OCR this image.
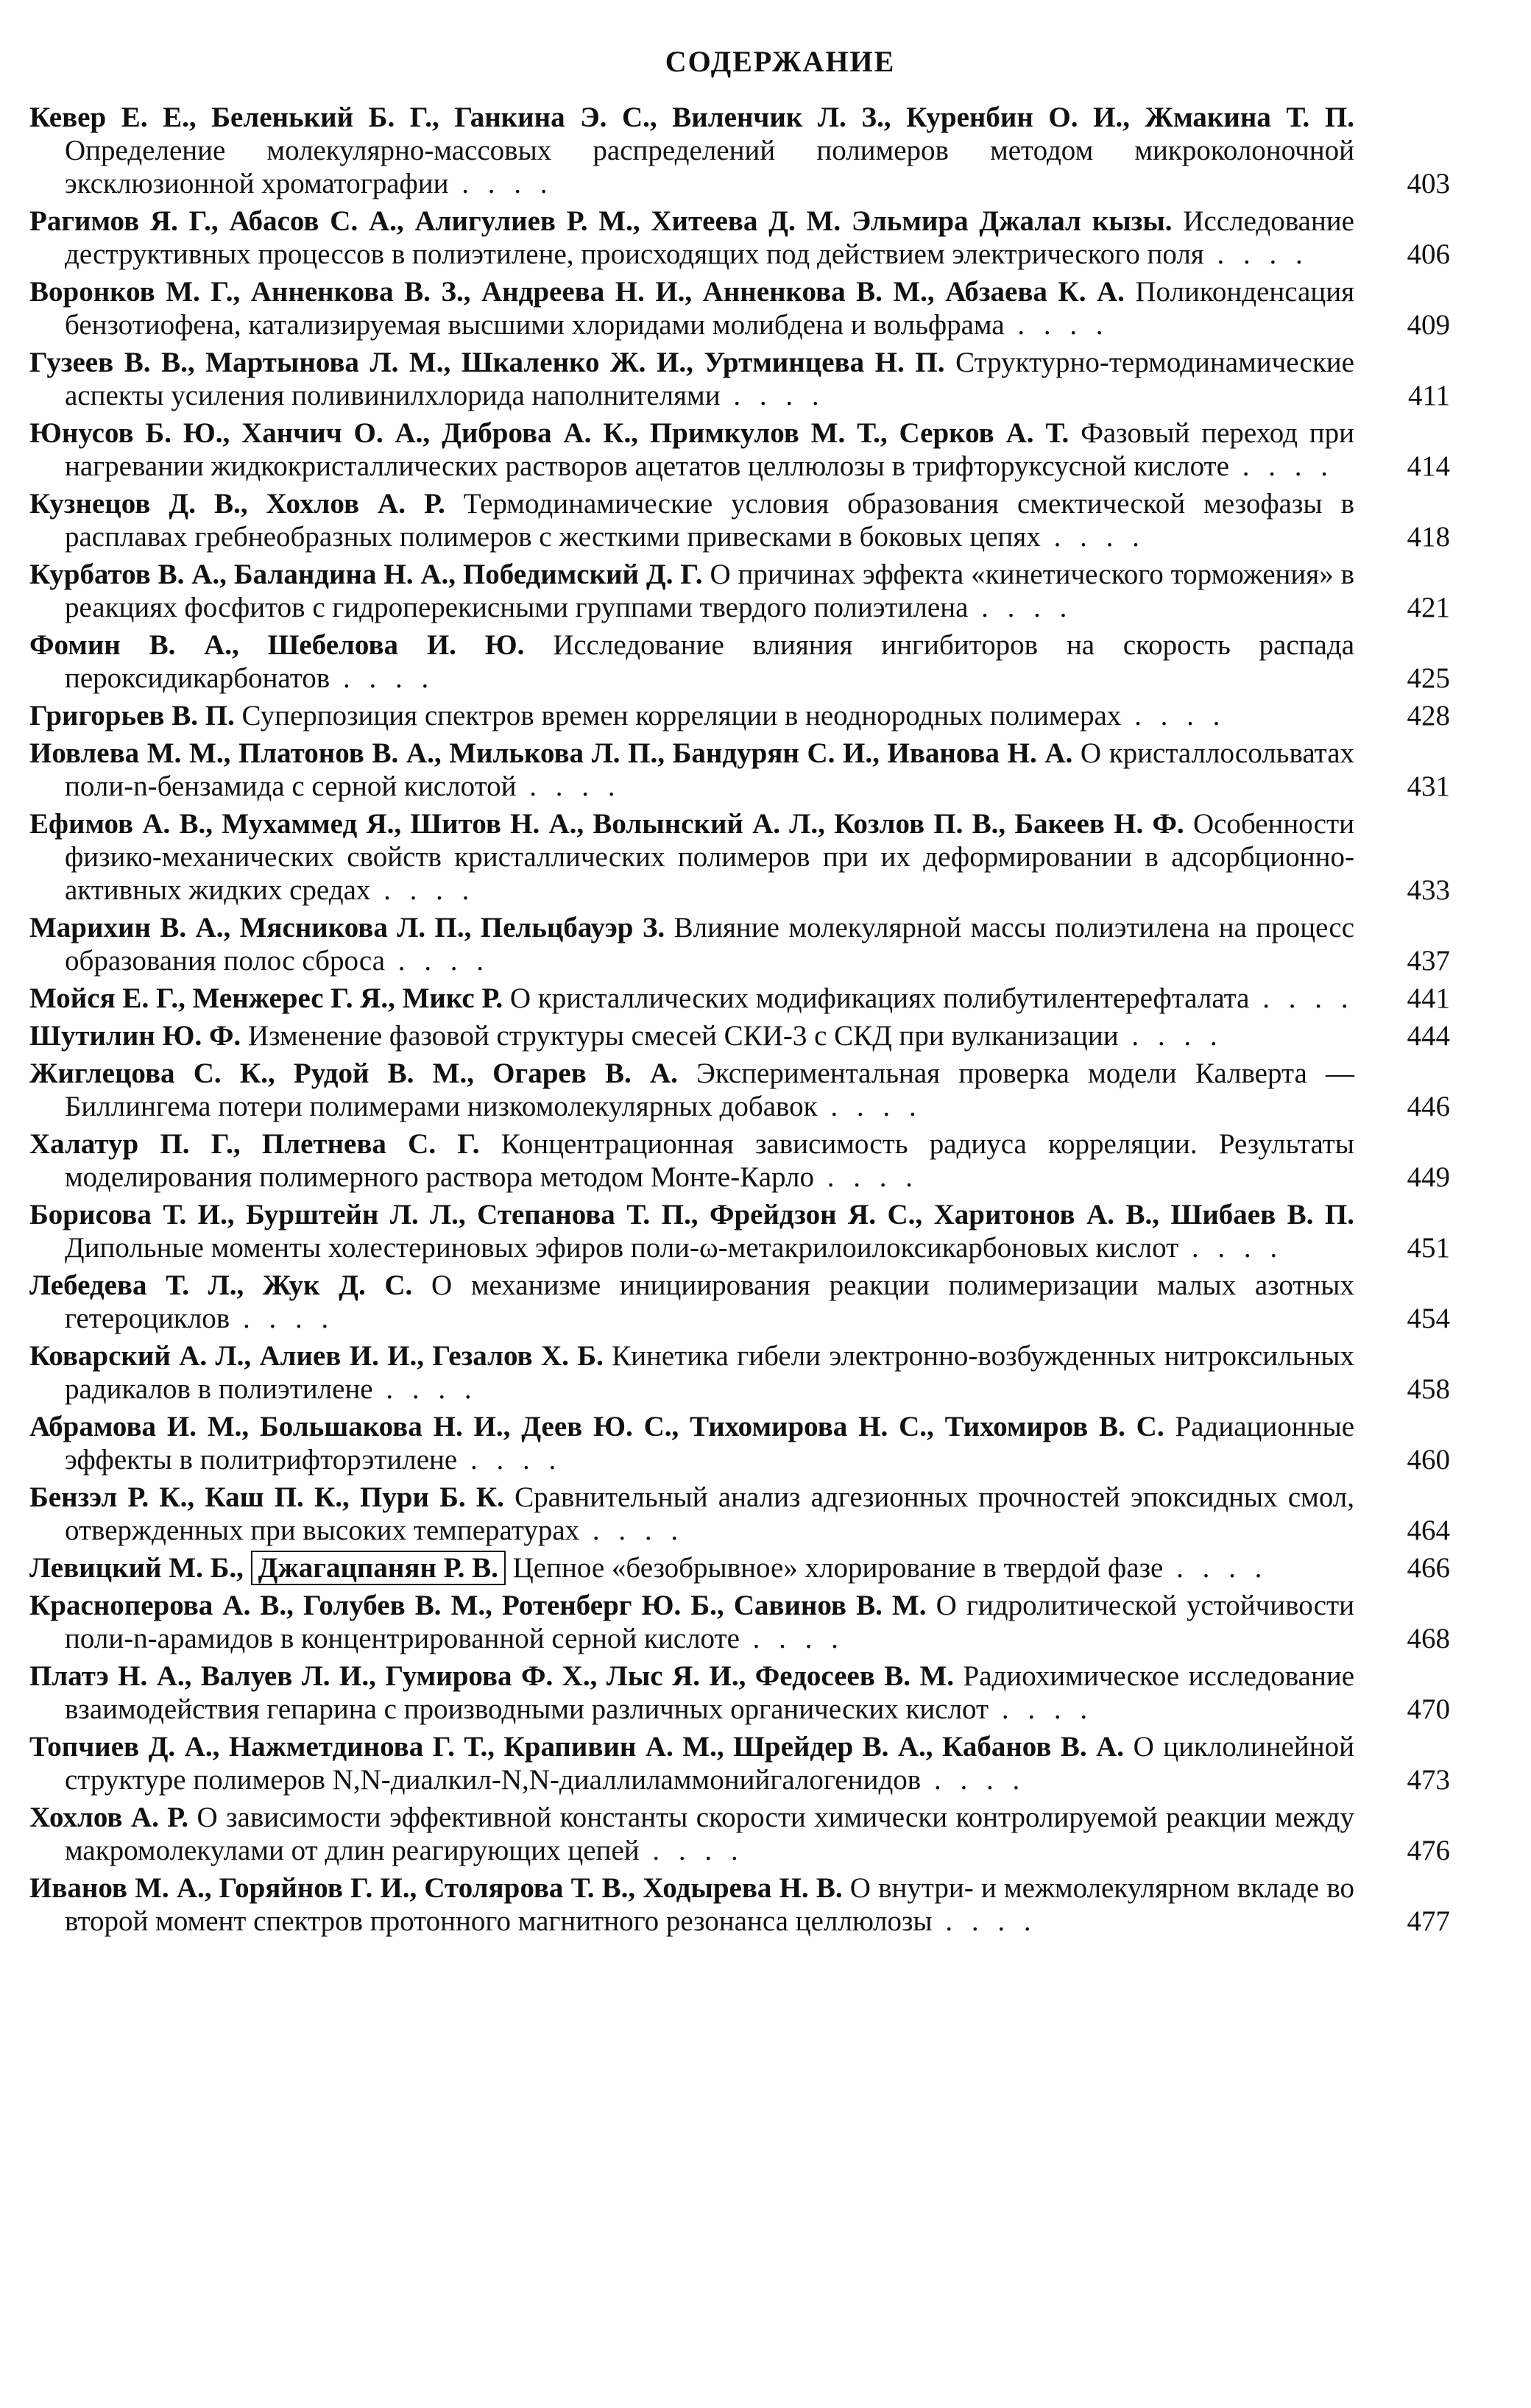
СОДЕРЖАНИЕ
Кевер Е. Е., Беленький Б. Г., Ганкина Э. С., Виленчик Л. З., Куренбин О. И., Жмакина Т. П. Определение молекулярно-массовых распределений полимеров методом микроколоночной эксклюзионной хроматографии . . . .	403
Рагимов Я. Г., Абасов С. А., Алигулиев Р. М., Хитеева Д. М. Эльмира Джалал кызы. Исследование деструктивных процессов в полиэтилене, происходящих под действием электрического поля . . . .	406
Воронков М. Г., Анненкова В. З., Андреева Н. И., Анненкова В. М., Абзаева К. А. Поликонденсация бензотиофена, катализируемая высшими хлоридами молибдена и вольфрама . . . .	409
Гузеев В. В., Мартынова Л. М., Шкаленко Ж. И., Уртминцева Н. П. Структурно-термодинамические аспекты усиления поливинилхлорида наполнителями . . . .	411
Юнусов Б. Ю., Ханчич О. А., Диброва А. К., Примкулов М. Т., Серков А. Т. Фазовый переход при нагревании жидкокристаллических растворов ацетатов целлюлозы в трифторуксусной кислоте . . . .	414
Кузнецов Д. В., Хохлов А. Р. Термодинамические условия образования смектической мезофазы в расплавах гребнеобразных полимеров с жесткими привесками в боковых цепях . . . .	418
Курбатов В. А., Баландина Н. А., Победимский Д. Г. О причинах эффекта «кинетического торможения» в реакциях фосфитов с гидроперекисными группами твердого полиэтилена . . . .	421
Фомин В. А., Шебелова И. Ю. Исследование влияния ингибиторов на скорость распада пероксидикарбонатов . . . .	425
Григорьев В. П. Суперпозиция спектров времен корреляции в неоднородных полимерах . . . .	428
Иовлева М. М., Платонов В. А., Милькова Л. П., Бандурян С. И., Иванова Н. А. О кристаллосольватах поли-n-бензамида с серной кислотой . . . .	431
Ефимов А. В., Мухаммед Я., Шитов Н. А., Волынский А. Л., Козлов П. В., Бакеев Н. Ф. Особенности физико-механических свойств кристаллических полимеров при их деформировании в адсорбционно-активных жидких средах . . . .	433
Марихин В. А., Мясникова Л. П., Пельцбауэр З. Влияние молекулярной массы полиэтилена на процесс образования полос сброса . . . .	437
Мойся Е. Г., Менжерес Г. Я., Микс Р. О кристаллических модификациях полибутилентерефталата . . . .	441
Шутилин Ю. Ф. Изменение фазовой структуры смесей СКИ-3 с СКД при вулканизации . . . .	444
Жиглецова С. К., Рудой В. М., Огарев В. А. Экспериментальная проверка модели Калверта — Биллингема потери полимерами низкомолекулярных добавок . . . .	446
Халатур П. Г., Плетнева С. Г. Концентрационная зависимость радиуса корреляции. Результаты моделирования полимерного раствора методом Монте-Карло . . . .	449
Борисова Т. И., Бурштейн Л. Л., Степанова Т. П., Фрейдзон Я. С., Харитонов А. В., Шибаев В. П. Дипольные моменты холестериновых эфиров поли-ω-метакрилоилоксикарбоновых кислот . . . .	451
Лебедева Т. Л., Жук Д. С. О механизме инициирования реакции полимеризации малых азотных гетероциклов . . . .	454
Коварский А. Л., Алиев И. И., Гезалов Х. Б. Кинетика гибели электронно-возбужденных нитроксильных радикалов в полиэтилене . . . .	458
Абрамова И. М., Большакова Н. И., Деев Ю. С., Тихомирова Н. С., Тихомиров В. С. Радиационные эффекты в политрифторэтилене . . . .	460
Бензэл Р. К., Каш П. К., Пури Б. К. Сравнительный анализ адгезионных прочностей эпоксидных смол, отвержденных при высоких температурах . . . .	464
Левицкий М. Б., Джагацпанян Р. В. Цепное «безобрывное» хлорирование в твердой фазе . . . .	466
Красноперова А. В., Голубев В. М., Ротенберг Ю. Б., Савинов В. М. О гидролитической устойчивости поли-n-арамидов в концентрированной серной кислоте . . . .	468
Платэ Н. А., Валуев Л. И., Гумирова Ф. Х., Лыс Я. И., Федосеев В. М. Радиохимическое исследование взаимодействия гепарина с производными различных органических кислот . . . .	470
Топчиев Д. А., Нажметдинова Г. Т., Крапивин А. М., Шрейдер В. А., Кабанов В. А. О циклолинейной структуре полимеров N,N-диалкил-N,N-диаллиламмонийгалогенидов . . . .	473
Хохлов А. Р. О зависимости эффективной константы скорости химически контролируемой реакции между макромолекулами от длин реагирующих цепей . . . .	476
Иванов М. А., Горяйнов Г. И., Столярова Т. В., Ходырева Н. В. О внутри- и межмолекулярном вкладе во второй момент спектров протонного магнитного резонанса целлюлозы . . . .	477
